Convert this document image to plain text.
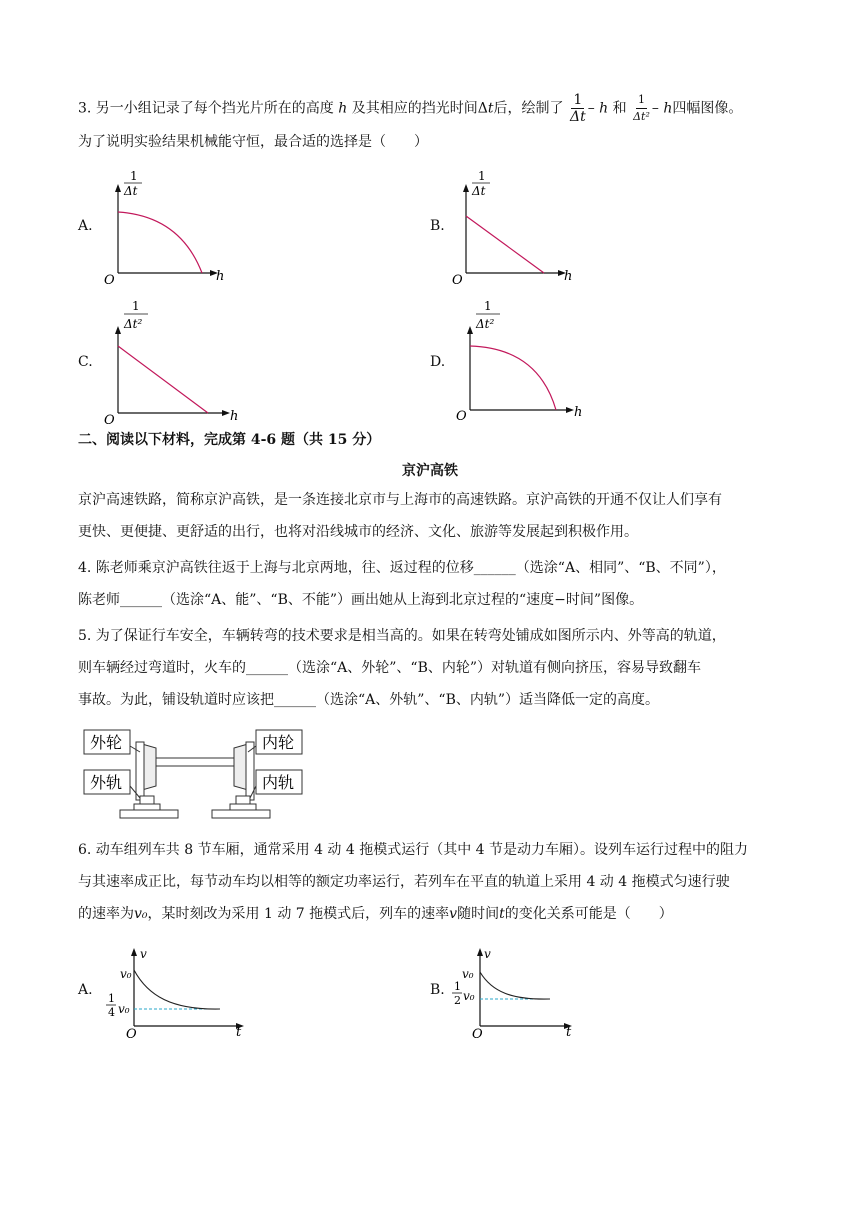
3. 另一小组记录了每个挡光片所在的高度 h 及其相应的挡光时间Δt后，绘制了 $\frac{1}{\Delta t}$ – h 和 $\frac{1}{\text{Δt²}}$ – h四幅图像。
为了说明实验结果机械能守恒，最合适的选择是（　　）
A.
1
Δt
O	h
B.
1
Δt
O	h
C.
1
Δt²
O	h
D.
1
Δt²
O	h
二、阅读以下材料，完成第 4-6 题（共 15 分）
京沪高铁
京沪高速铁路，简称京沪高铁，是一条连接北京市与上海市的高速铁路。京沪高铁的开通不仅让人们享有
更快、更便捷、更舒适的出行，也将对沿线城市的经济、文化、旅游等发展起到积极作用。
4. 陈老师乘京沪高铁往返于上海与北京两地，往、返过程的位移______（选涂“A、相同”、“B、不同”），
陈老师______（选涂“A、能”、“B、不能”）画出她从上海到北京过程的“速度−时间”图像。
5. 为了保证行车安全，车辆转弯的技术要求是相当高的。如果在转弯处铺成如图所示内、外等高的轨道，
则车辆经过弯道时，火车的______（选涂“A、外轮”、“B、内轮”）对轨道有侧向挤压，容易导致翻车
事故。为此，铺设轨道时应该把______（选涂“A、外轨”、“B、内轨”）适当降低一定的高度。
外轮	内轮
外轨	内轨
6. 动车组列车共 8 节车厢，通常采用 4 动 4 拖模式运行（其中 4 节是动力车厢）。设列车运行过程中的阻力
与其速率成正比，每节动车均以相等的额定功率运行，若列车在平直的轨道上采用 4 动 4 拖模式匀速行驶
的速率为v₀，某时刻改为采用 1 动 7 拖模式后，列车的速率v随时间t的变化关系可能是（　　）
A.
v
v₀
1
4 v₀
O	t
B.
v
v₀
1
2 v₀
O	t
